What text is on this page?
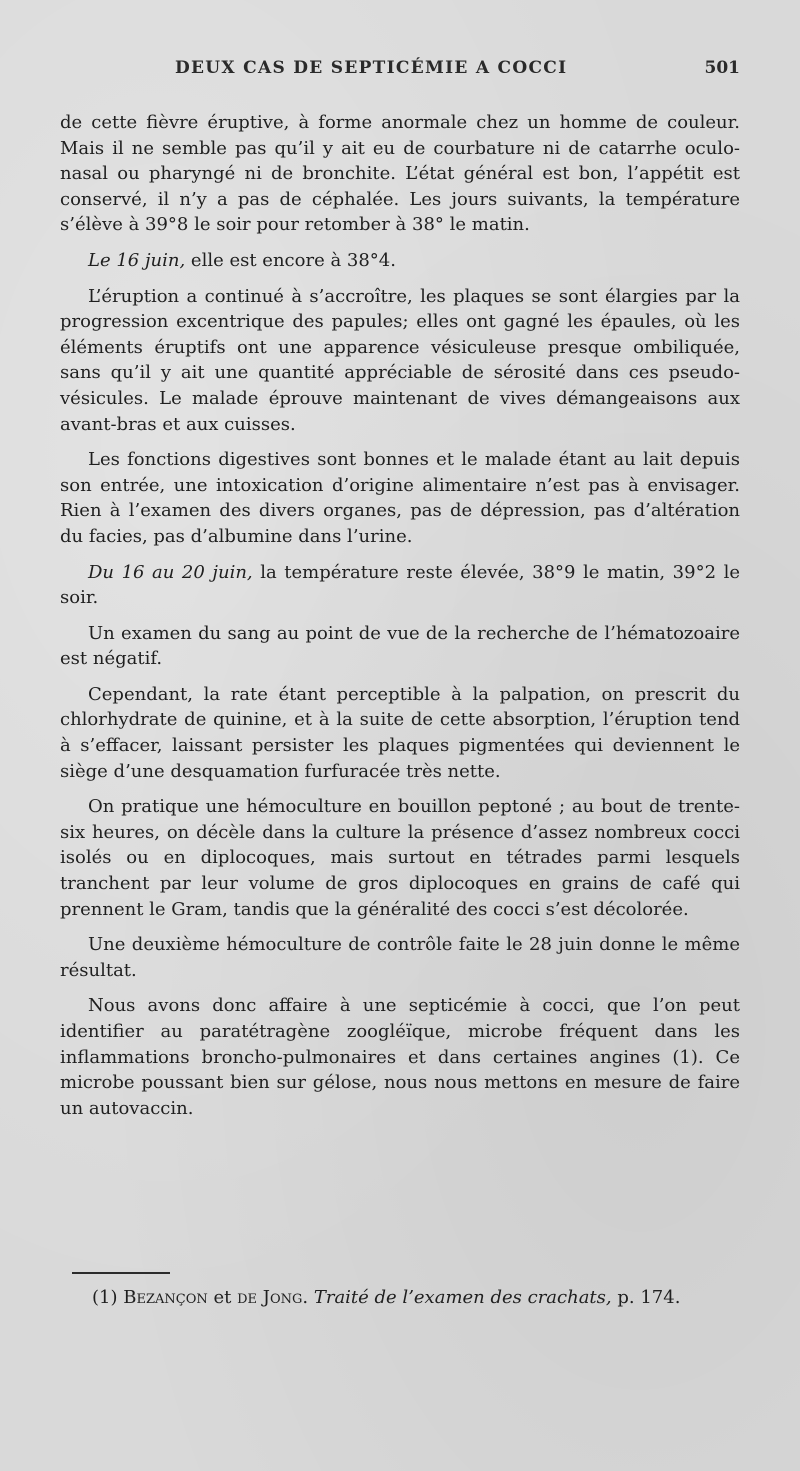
DEUX CAS DE SEPTICÉMIE A COCCI	501

de cette fièvre éruptive, à forme anormale chez un homme de couleur. Mais il ne semble pas qu’il y ait eu de courbature ni de catarrhe oculo-nasal ou pharyngé ni de bronchite. L’état général est bon, l’appétit est conservé, il n’y a pas de céphalée. Les jours suivants, la température s’élève à 39°8 le soir pour retomber à 38° le matin.

Le 16 juin, elle est encore à 38°4.

L’éruption a continué à s’accroître, les plaques se sont élargies par la progression excentrique des papules; elles ont gagné les épaules, où les éléments éruptifs ont une apparence vésiculeuse presque ombiliquée, sans qu’il y ait une quantité appréciable de sérosité dans ces pseudo-vésicules. Le malade éprouve maintenant de vives démangeaisons aux avant-bras et aux cuisses.

Les fonctions digestives sont bonnes et le malade étant au lait depuis son entrée, une intoxication d’origine alimentaire n’est pas à envisager. Rien à l’examen des divers organes, pas de dépression, pas d’altération du facies, pas d’albumine dans l’urine.

Du 16 au 20 juin, la température reste élevée, 38°9 le matin, 39°2 le soir.

Un examen du sang au point de vue de la recherche de l’hématozoaire est négatif.

Cependant, la rate étant perceptible à la palpation, on prescrit du chlorhydrate de quinine, et à la suite de cette absorption, l’éruption tend à s’effacer, laissant persister les plaques pigmentées qui deviennent le siège d’une desquamation furfuracée très nette.

On pratique une hémoculture en bouillon peptoné ; au bout de trente-six heures, on décèle dans la culture la présence d’assez nombreux cocci isolés ou en diplocoques, mais surtout en tétrades parmi lesquels tranchent par leur volume de gros diplocoques en grains de café qui prennent le Gram, tandis que la généralité des cocci s’est décolorée.

Une deuxième hémoculture de contrôle faite le 28 juin donne le même résultat.

Nous avons donc affaire à une septicémie à cocci, que l’on peut identifier au paratétragène zoogléïque, microbe fréquent dans les inflammations broncho-pulmonaires et dans certaines angines (1). Ce microbe poussant bien sur gélose, nous nous mettons en mesure de faire un autovaccin.

(1) Bezançon et de Jong. Traité de l’examen des crachats, p. 174.
